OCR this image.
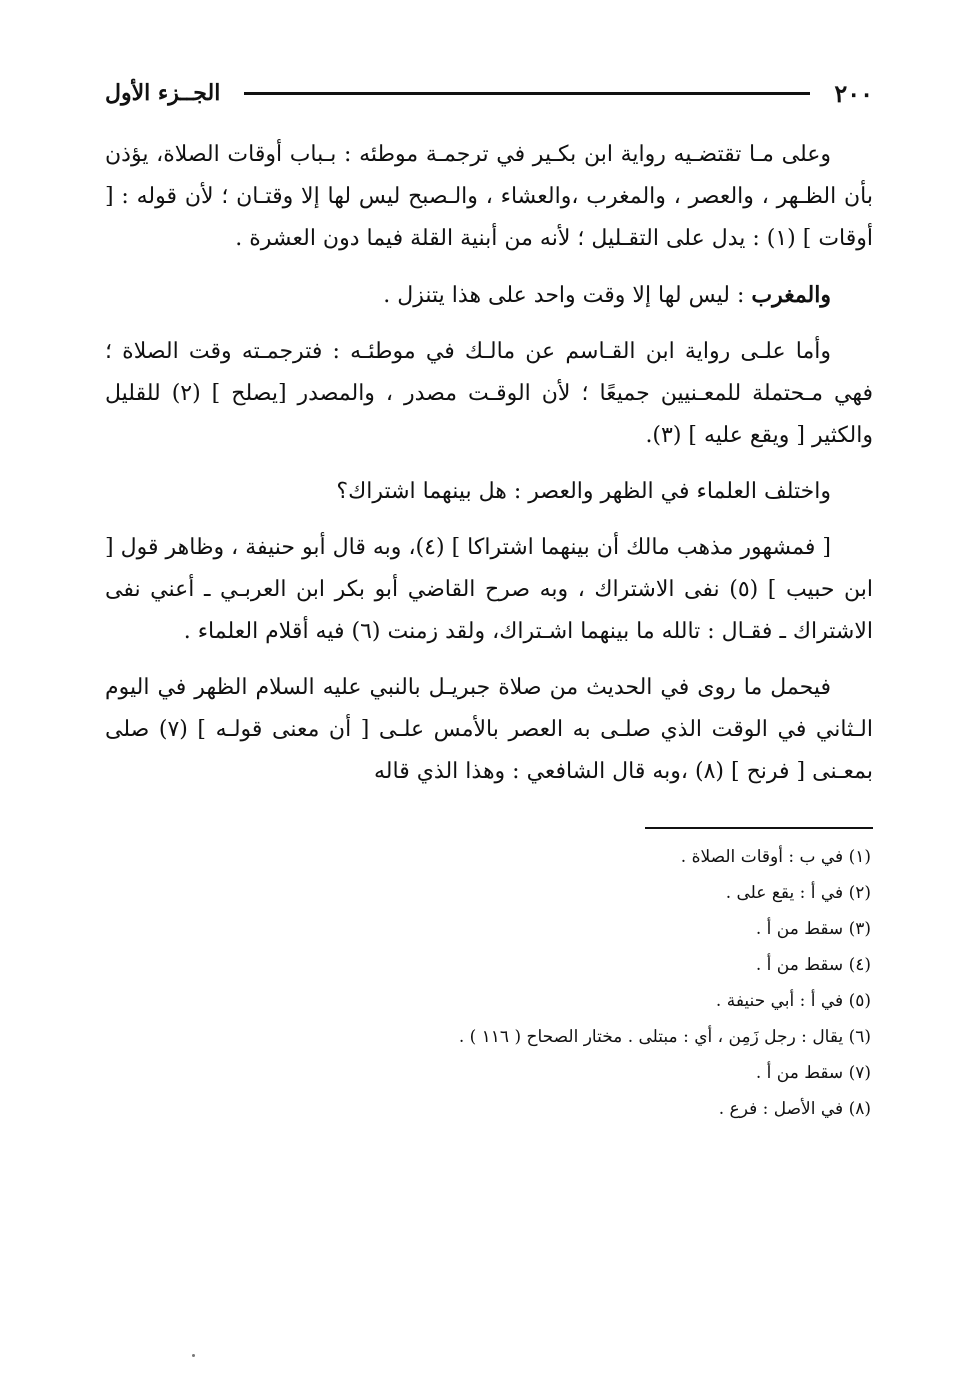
٢٠٠
الجــزء الأول

وعلى مـا تقتضـيه رواية ابن بكـير في ترجمـة موطئه : بـباب أوقات الصلاة، يؤذن بأن الظـهر ، والعصر ، والمغرب ،والعشاء ، والـصبح ليس لها إلا وقتـان ؛ لأن قوله : [ أوقات ] (١) : يدل على التقـليل ؛ لأنه من أبنية القلة فيما دون العشرة .

والمغرب : ليس لها إلا وقت واحد على هذا يتنزل .

وأما علـى رواية ابن القـاسم عن مالـك في موطئـه : فترجمـته وقت الصلاة ؛ فهي مـحتملة للمعـنيين جميعًا ؛ لأن الوقـت مصدر ، والمصدر [يصلح ] (٢) للقليل والكثير [ ويقع عليه ] (٣).

واختلف العلماء في الظهر والعصر : هل بينهما اشتراك؟

[ فمشهور مذهب مالك أن بينهما اشتراكا ] (٤)، وبه قال أبو حنيفة ، وظاهر قول [ ابن حبيب ] (٥) نفى الاشتراك ، وبه صرح القاضي أبو بكر ابن العربـي ـ أعني نفى الاشتراك ـ فقـال : تالله ما بينهما اشـتراك، ولقد زمنت (٦) فيه أقلام العلماء .

فيحمل ما روى في الحديث من صلاة جبريـل بالنبي عليه السلام الظهر في اليوم الـثاني في الوقت الذي صلـى به العصر بالأمس علـى [ أن معنى قولـه ] (٧) صلى بمعـنى [ فرنح ] (٨) ،وبه قال الشافعي : وهذا الذي قاله

(١) في ب : أوقات الصلاة .
(٢) في أ : يقع على .
(٣) سقط من أ .
(٤) سقط من أ .
(٥) في أ : أبي حنيفة .
(٦) يقال : رجل زَمِن ، أي : مبتلى . مختار الصحاح ( ١١٦ ) .
(٧) سقط من أ .
(٨) في الأصل : فرع .
